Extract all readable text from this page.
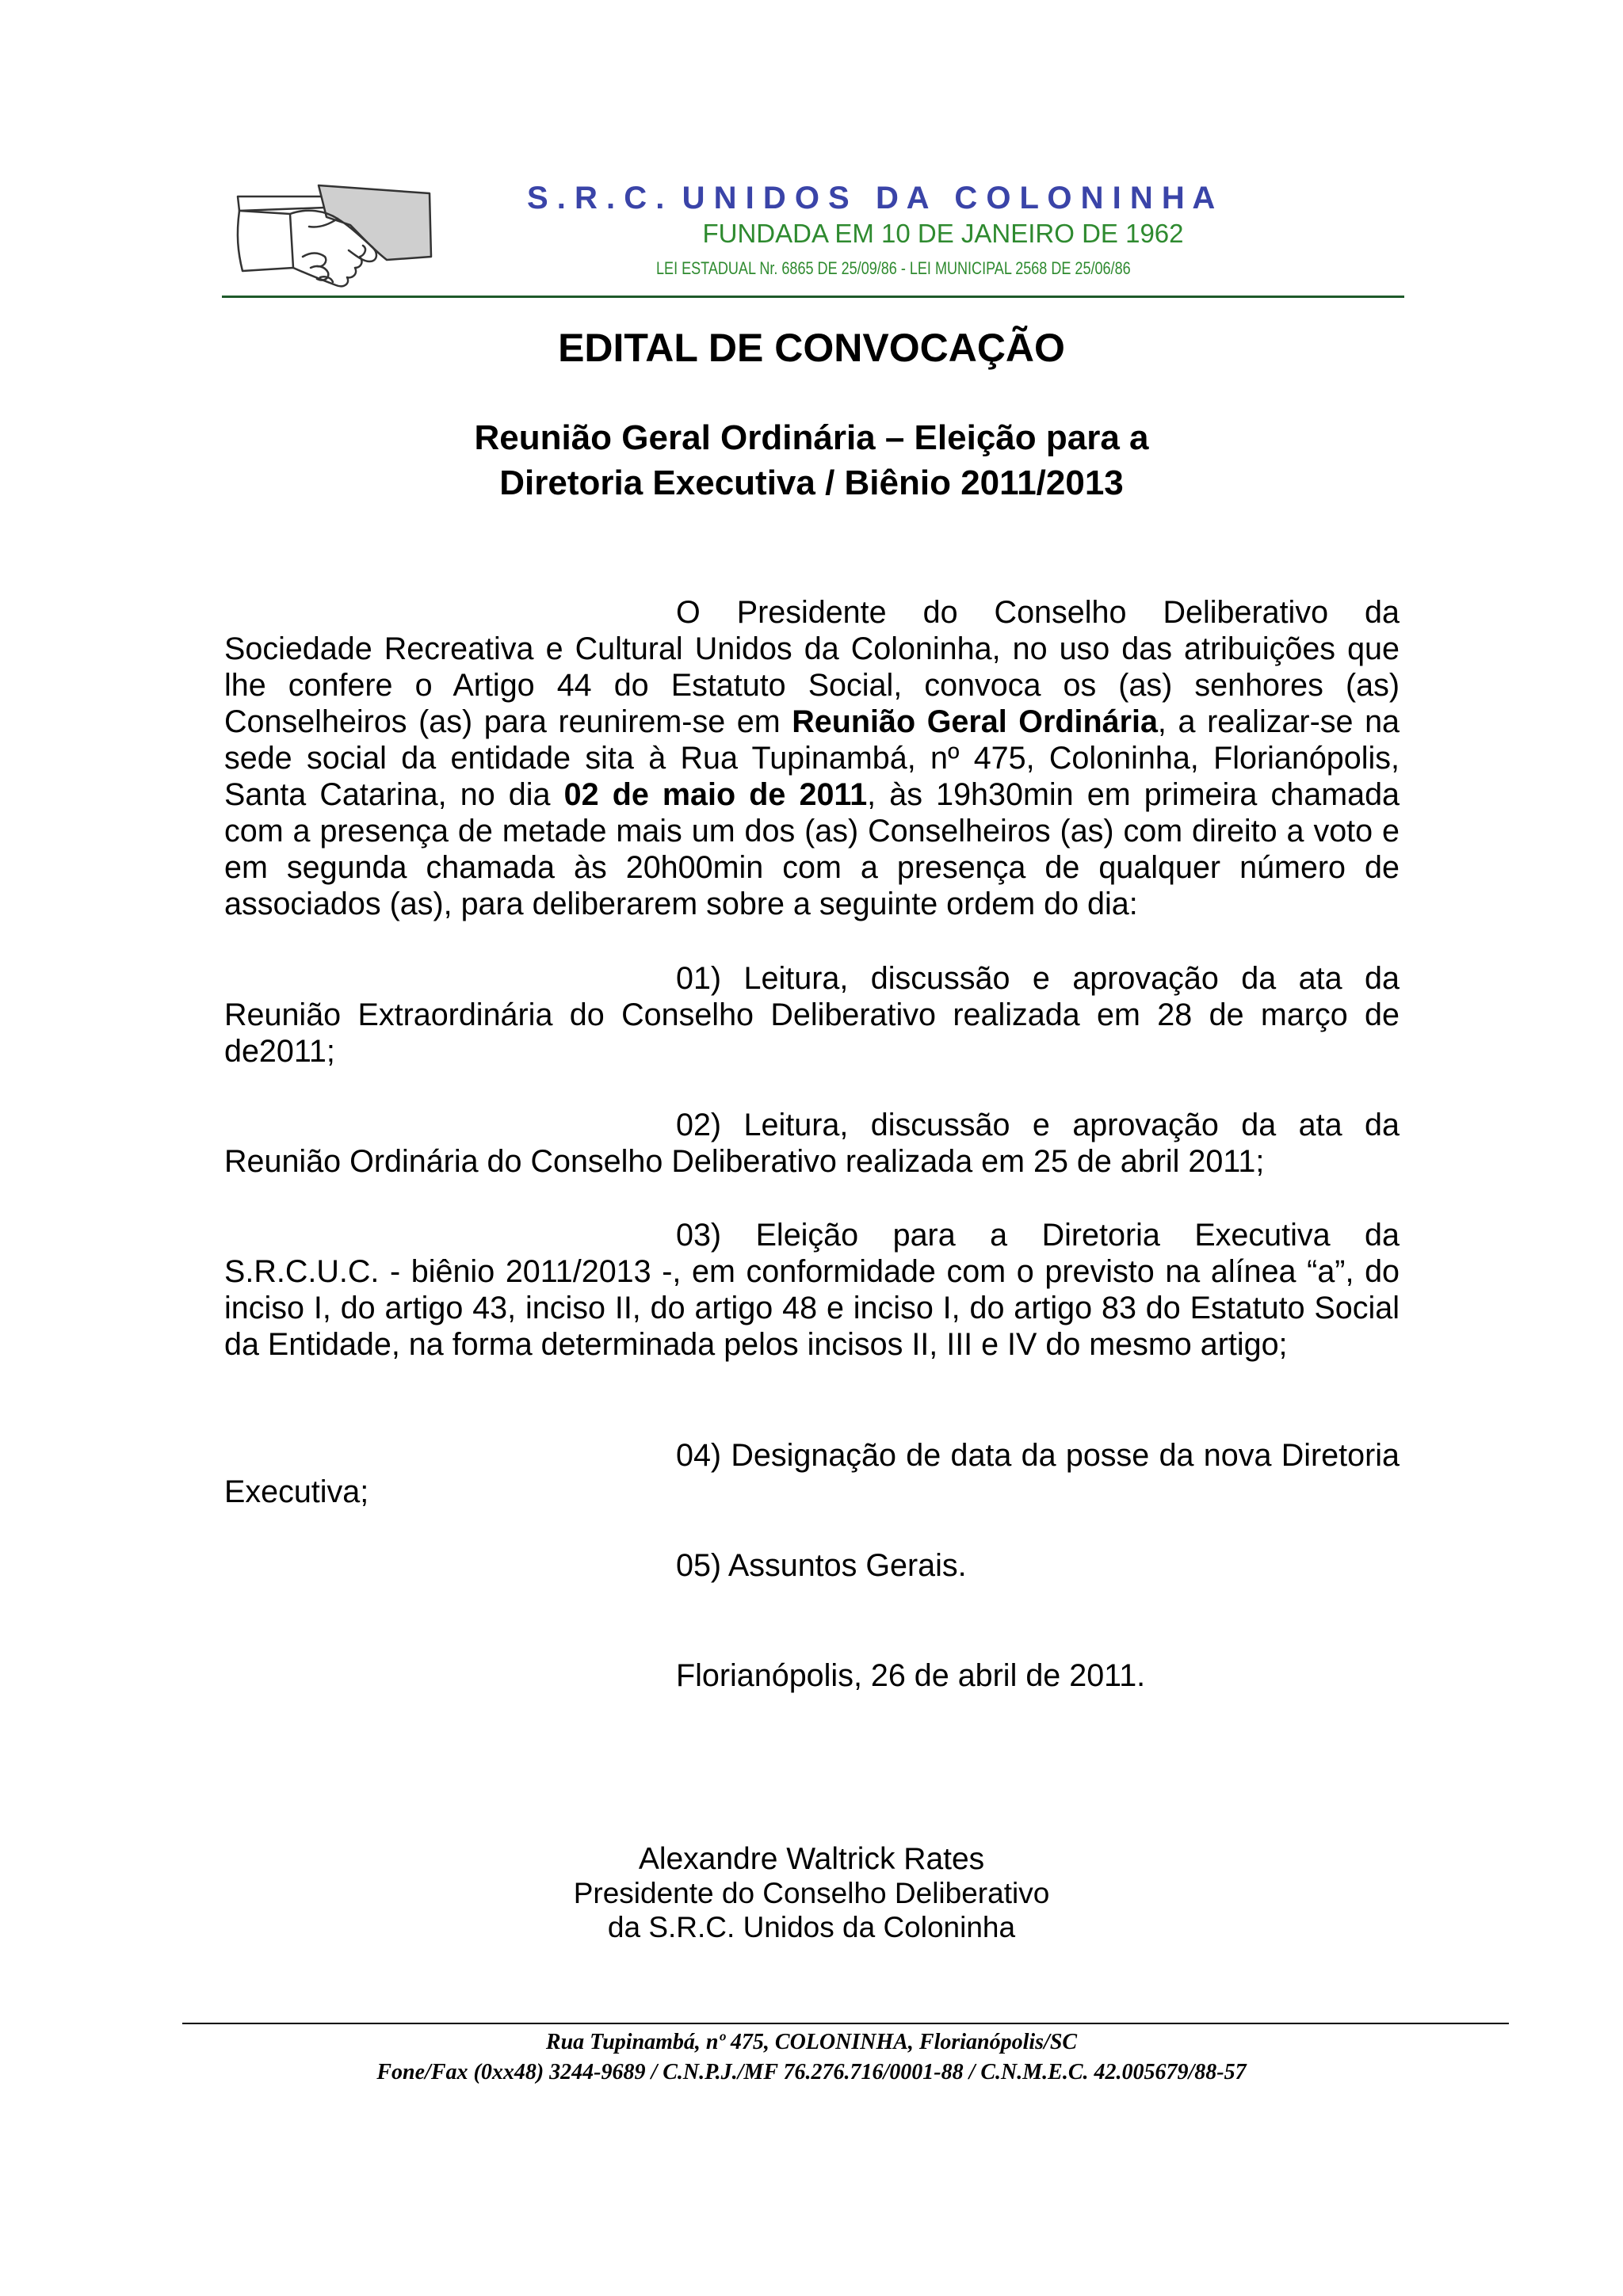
S . R . C .  U N I D O S   D A   C O L O N I N H A
FUNDADA EM 10 DE JANEIRO DE 1962
LEI ESTADUAL Nr. 6865 DE 25/09/86 - LEI MUNICIPAL 2568 DE 25/06/86
EDITAL DE CONVOCAÇÃO
Reunião Geral Ordinária – Eleição para a
Diretoria Executiva / Biênio 2011/2013
O Presidente do Conselho Deliberativo da Sociedade Recreativa e Cultural Unidos da Coloninha, no uso das atribuições que lhe confere o Artigo 44 do Estatuto Social, convoca os (as) senhores (as) Conselheiros (as) para reunirem-se em Reunião Geral Ordinária, a realizar-se na sede social da entidade sita à Rua Tupinambá, nº 475, Coloninha, Florianópolis, Santa Catarina, no dia 02 de maio de 2011, às 19h30min em primeira chamada com a presença de metade mais um dos (as) Conselheiros (as) com direito a voto e em segunda chamada às 20h00min com a presença de qualquer número de associados (as), para deliberarem sobre a seguinte ordem do dia:
01) Leitura, discussão e aprovação da ata da Reunião Extraordinária do Conselho Deliberativo realizada em 28 de março de de2011;
02) Leitura, discussão e aprovação da ata da Reunião Ordinária do Conselho Deliberativo realizada em 25 de abril 2011;
03) Eleição para a Diretoria Executiva da S.R.C.U.C. - biênio 2011/2013 -, em conformidade com o previsto na alínea “a”, do inciso I, do artigo 43, inciso II, do artigo 48 e inciso I, do artigo 83 do Estatuto Social da Entidade, na forma determinada pelos incisos II, III e IV do mesmo artigo;
04) Designação de data da posse da nova Diretoria Executiva;
05) Assuntos Gerais.
Florianópolis, 26 de abril de 2011.
Alexandre Waltrick Rates
Presidente do Conselho Deliberativo
da S.R.C. Unidos da Coloninha
Rua Tupinambá, nº 475, COLONINHA, Florianópolis/SC
Fone/Fax (0xx48) 3244-9689 / C.N.P.J./MF 76.276.716/0001-88 / C.N.M.E.C. 42.005679/88-57
